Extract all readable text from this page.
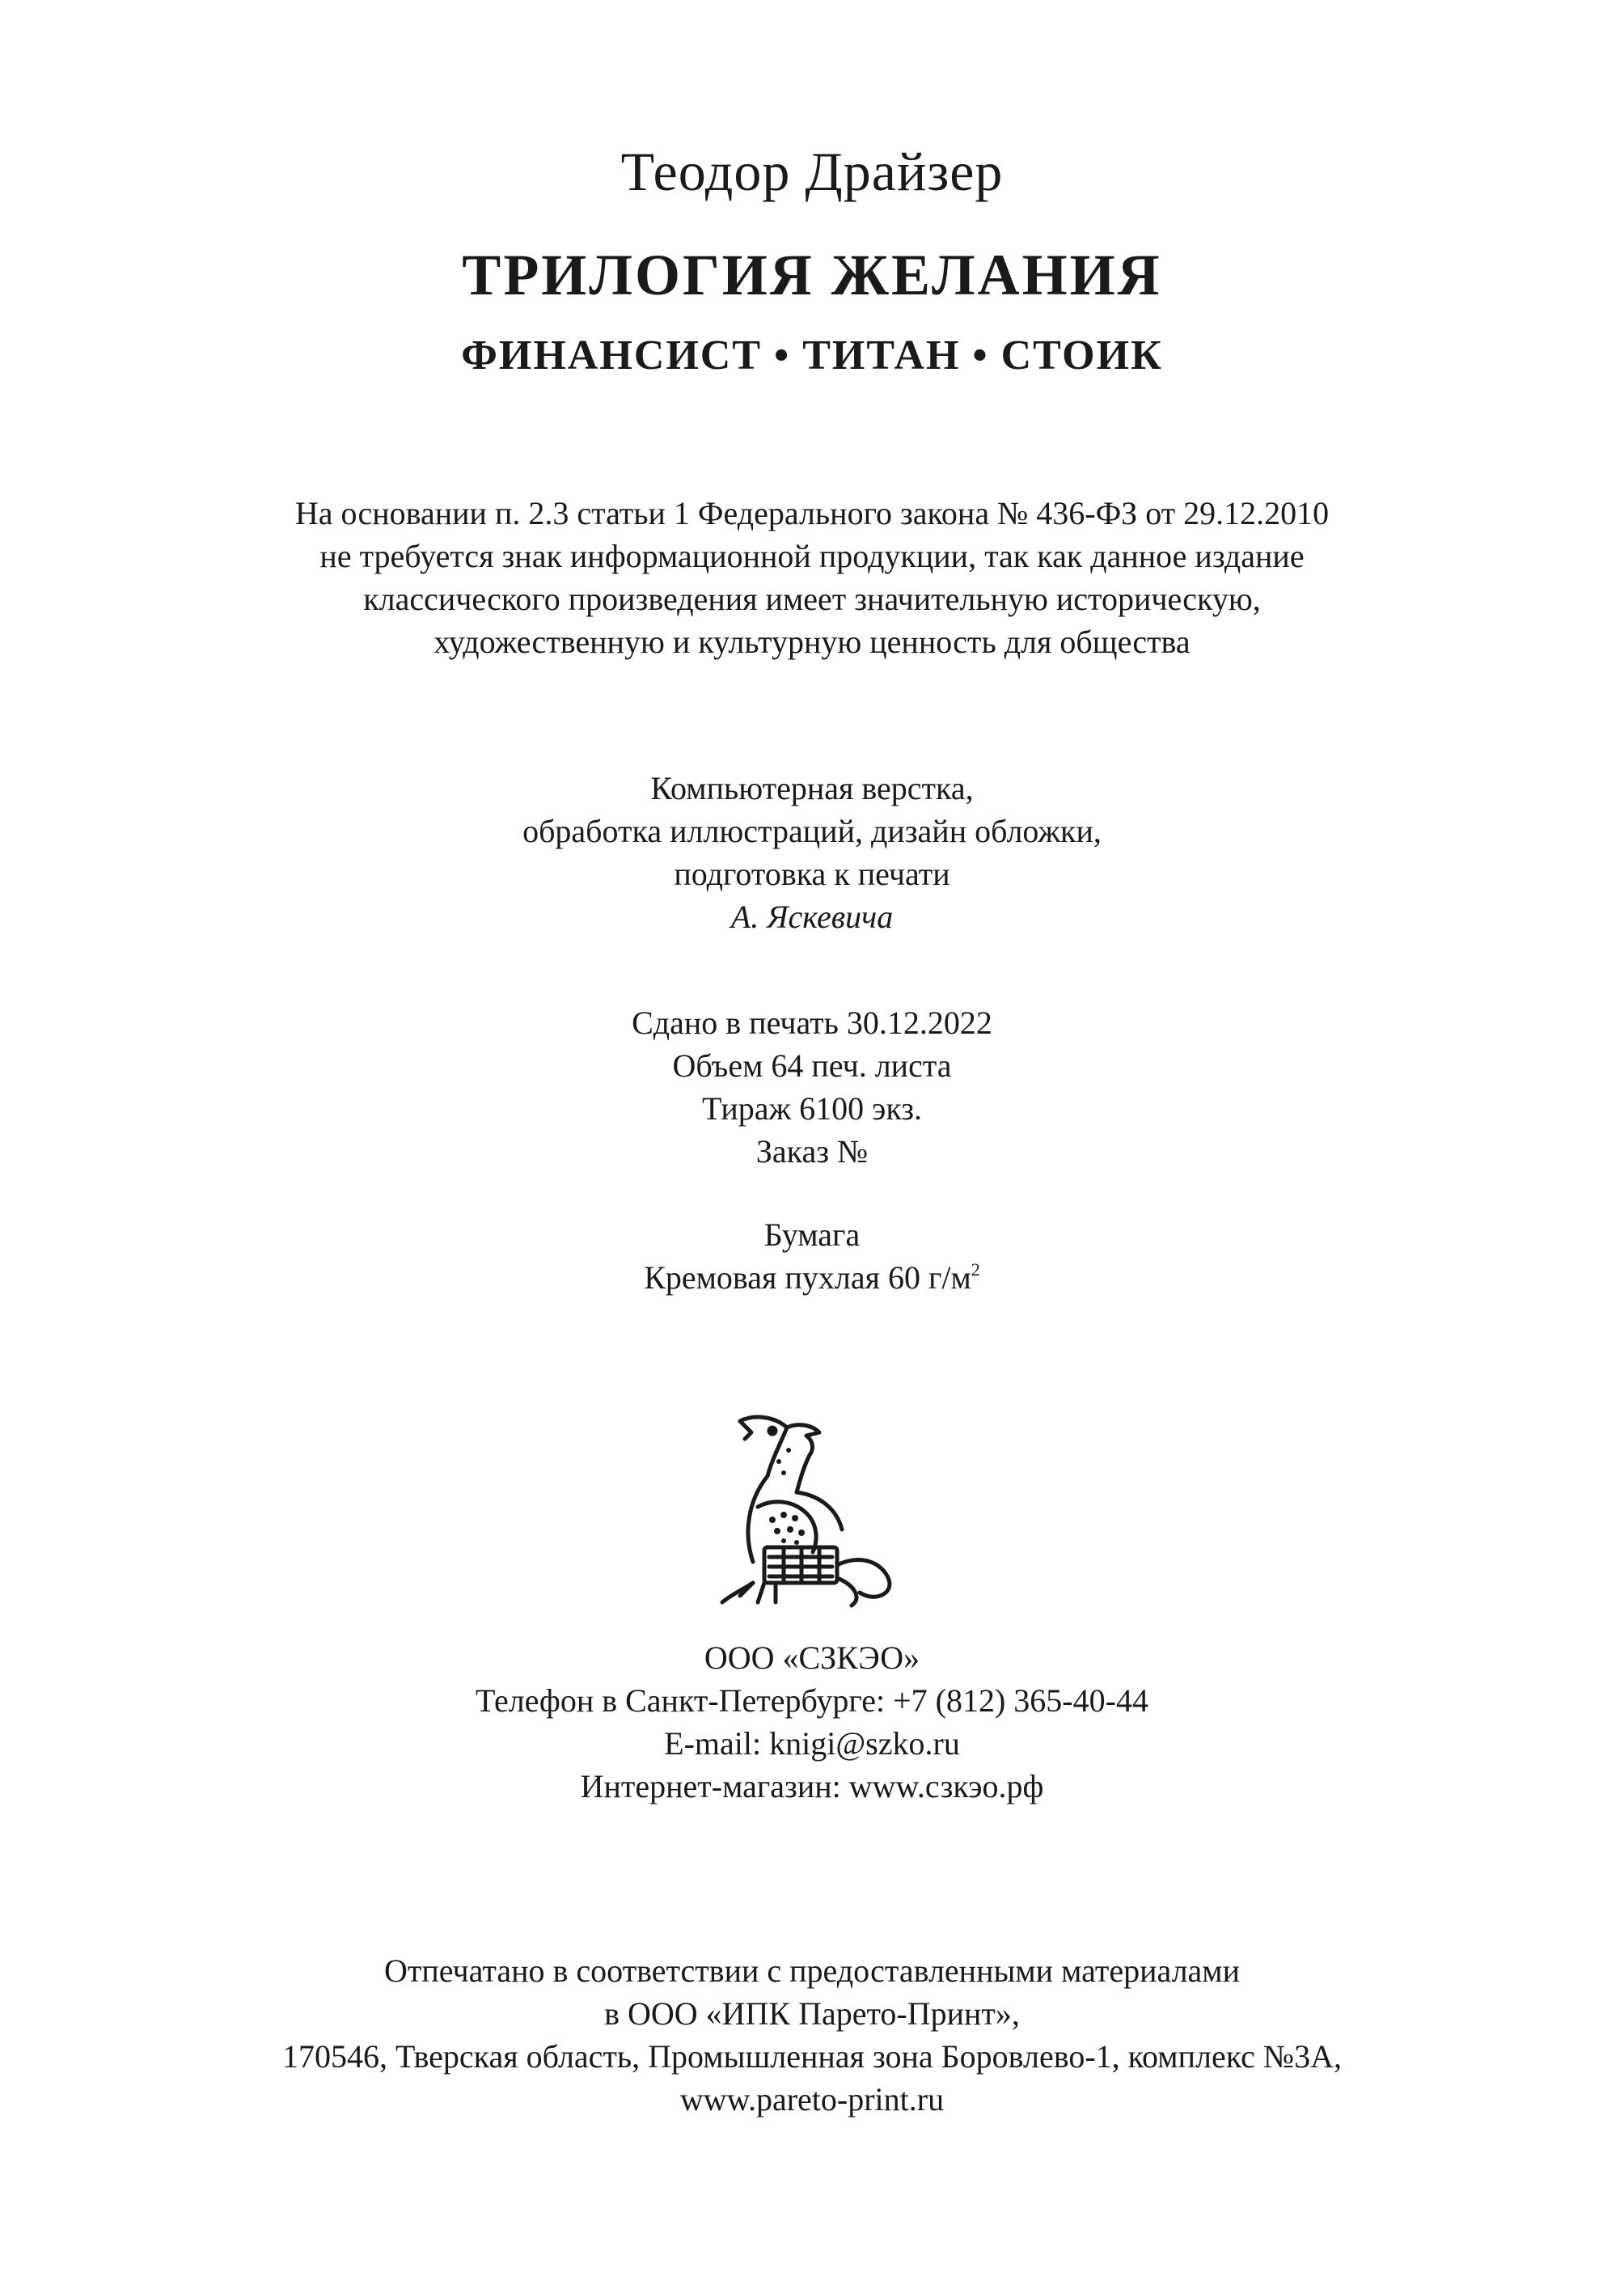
Теодор Драйзер
ТРИЛОГИЯ ЖЕЛАНИЯ
ФИНАНСИСТ • ТИТАН • СТОИК
На основании п. 2.3 статьи 1 Федерального закона № 436-ФЗ от 29.12.2010
не требуется знак информационной продукции, так как данное издание
классического произведения имеет значительную историческую,
художественную и культурную ценность для общества
Компьютерная верстка,
обработка иллюстраций, дизайн обложки,
подготовка к печати
А. Яскевича
Сдано в печать 30.12.2022
Объем 64 печ. листа
Тираж 6100 экз.
Заказ №
Бумага
Кремовая пухлая 60 $г/м^2$
ООО «СЗКЭО»
Телефон в Санкт-Петербурге: +7 (812) 365-40-44
E-mail: knigi@szko.ru
Интернет-магазин: www.сзкэо.рф
Отпечатано в соответствии с предоставленными материалами
в ООО «ИПК Парето-Принт»,
170546, Тверская область, Промышленная зона Боровлево-1, комплекс №3А,
www.pareto-print.ru
